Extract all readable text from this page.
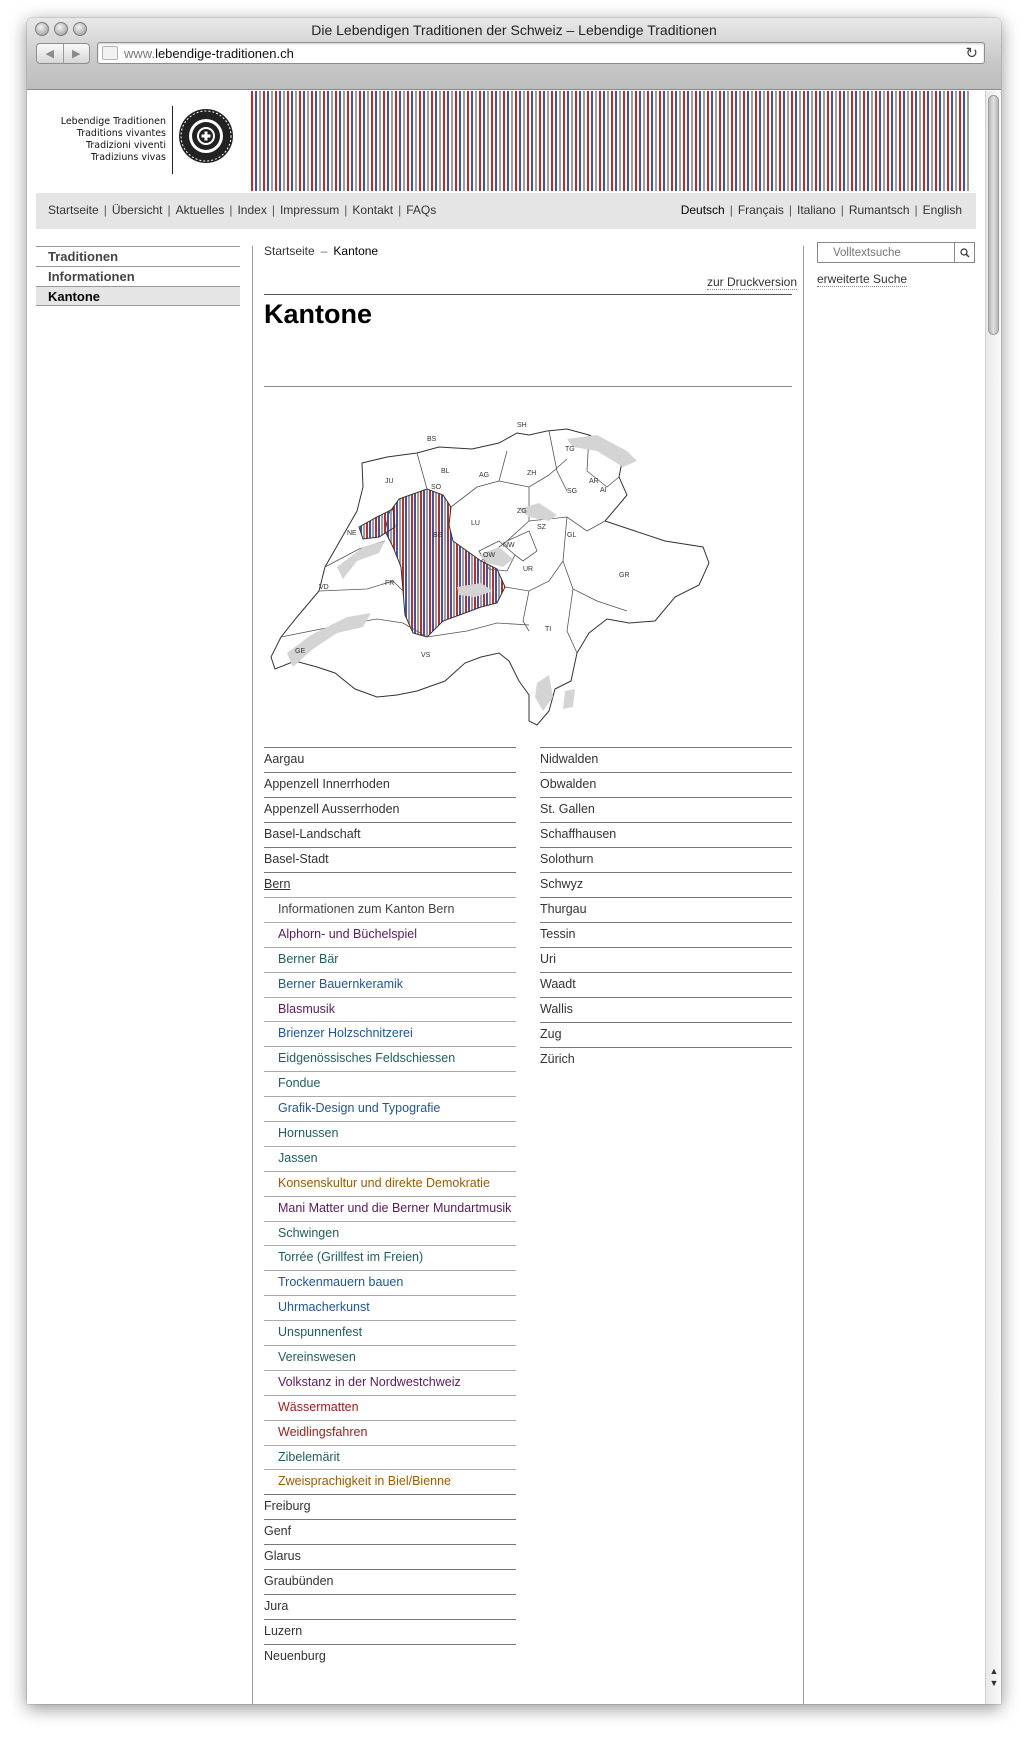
Die Lebendigen Traditionen der Schweiz – Lebendige Traditionen
◀ ▶	www.lebendige-traditionen.ch	↻
Lebendige Traditionen
Traditions vivantes
Tradizioni viventi
Tradiziuns vivas
Startseite | Übersicht | Aktuelles | Index | Impressum | Kontakt | FAQs	Deutsch | Français | Italiano | Rumantsch | English
Traditionen
Informationen
Kantone
Startseite – Kantone
zur Druckversion
Kantone
SH
BS
TG
BL
AG	ZH
JU	AR
AI
SO
SG
ZG
LU
NE
SZ
GL
NW
OW
UR
BE
FR
VD
GR
TI
GE
VS
Aargau
Appenzell Innerrhoden
Appenzell Ausserrhoden
Basel-Landschaft
Basel-Stadt
Bern
Informationen zum Kanton Bern
Alphorn- und Büchelspiel
Berner Bär
Berner Bauernkeramik
Blasmusik
Brienzer Holzschnitzerei
Eidgenössisches Feldschiessen
Fondue
Grafik-Design und Typografie
Hornussen
Jassen
Konsenskultur und direkte Demokratie
Mani Matter und die Berner Mundartmusik
Schwingen
Torrée (Grillfest im Freien)
Trockenmauern bauen
Uhrmacherkunst
Unspunnenfest
Vereinswesen
Volkstanz in der Nordwestchweiz
Wässermatten
Weidlingsfahren
Zibelemärit
Zweisprachigkeit in Biel/Bienne
Freiburg
Genf
Glarus
Graubünden
Jura
Luzern
Neuenburg
Nidwalden
Obwalden
St. Gallen
Schaffhausen
Solothurn
Schwyz
Thurgau
Tessin
Uri
Waadt
Wallis
Zug
Zürich
Volltextsuche
erweiterte Suche
▲
▼
